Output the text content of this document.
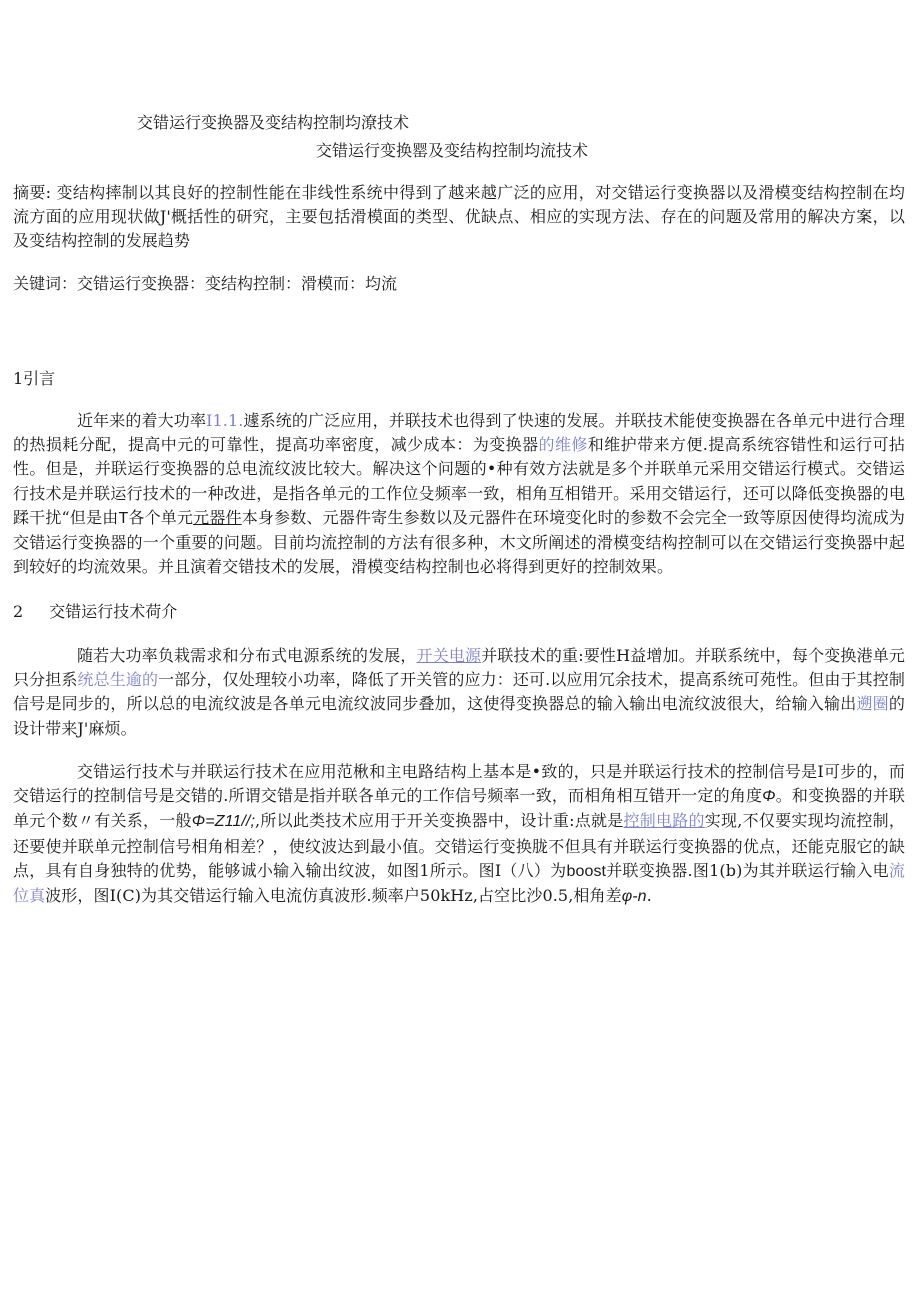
交错运行变换器及变结构控制均潦技术
交错运行变换罂及变结构控制均流技术
摘要: 变结构摔制以其良好的控制性能在非线性系统中得到了越来越广泛的应用，对交错运行变换器以及滑模变结构控制在均流方面的应用现状做J'概括性的研究，主要包括滑模面的类型、优缺点、相应的实现方法、存在的问题及常用的解决方案，以及变结构控制的发展趋势
关键词：交错运行变换器：变结构控制：滑模而：均流
1引言
近年来的着大功率I1.1.遽系统的广泛应用，并联技术也得到了快速的发展。并联技术能使变换器在各单元中进行合理的热损耗分配，提高中元的可靠性，提高功率密度，减少成本：为变换器的维修和维护带来方便.提高系统容错性和运行可拈性。但是，并联运行变换器的总电流纹波比较大。解决这个问题的•种有效方法就是多个并联单元采用交错运行模式。交错运行技术是并联运行技术的一种改进，是指各单元的工作位殳频率一致，相角互相错开。采用交错运行，还可以降低变换器的电蹂干扰“但是由T各个单元元器件本身参数、元器件寄生参数以及元器件在环境变化时的参数不会完全一致等原因使得均流成为交错运行变换器的一个重要的问题。目前均流控制的方法有很多种，木文所阐述的滑模变结构控制可以在交错运行变换器中起到较好的均流效果。并且演着交错技术的发展，滑模变结构控制也必将得到更好的控制效果。
2 交错运行技术荷介
随若大功率负栽需求和分布式电源系统的发展，开关电源并联技术的重:要性H益增加。并联系统中，每个变换港单元只分担系统总生逾的一部分，仅处理较小功率，降低了开关管的应力：还可.以应用冗余技术，提高系统可苑性。但由于其控制信号是同步的，所以总的电流纹波是各单元电流纹波同步叠加，这使得变换器总的输入输出电流纹波很大，给输入输出遡圈的设计带来J'麻烦。
交错运行技术与并联运行技术在应用范楸和主电路结构上基本是•致的，只是并联运行技术的控制信号是I可步的，而交错运行的控制信号是交错的.所谓交错是指并联各单元的工作信号频率一致，而相角相互错开一定的角度Φ。和变换器的并联单元个数〃有关系，一般Φ=Z11//;,所以此类技术应用于开关变换器中，设计重:点就是控制电路的实现,不仅要实现均流控制，还要使并联单元控制信号相角相差？，使纹波达到最小值。交错运行变换胧不但具有并联运行变换器的优点，还能克服它的缺点，具有自身独特的优势，能够诚小输入输出纹波，如图1所示。图I（八）为boost并联变换器.图1(b)为其并联运行输入电流位真波形，图I(C)为其交错运行输入电流仿真波形.频率户50kHz,占空比沙0.5,相角差φ-n.
